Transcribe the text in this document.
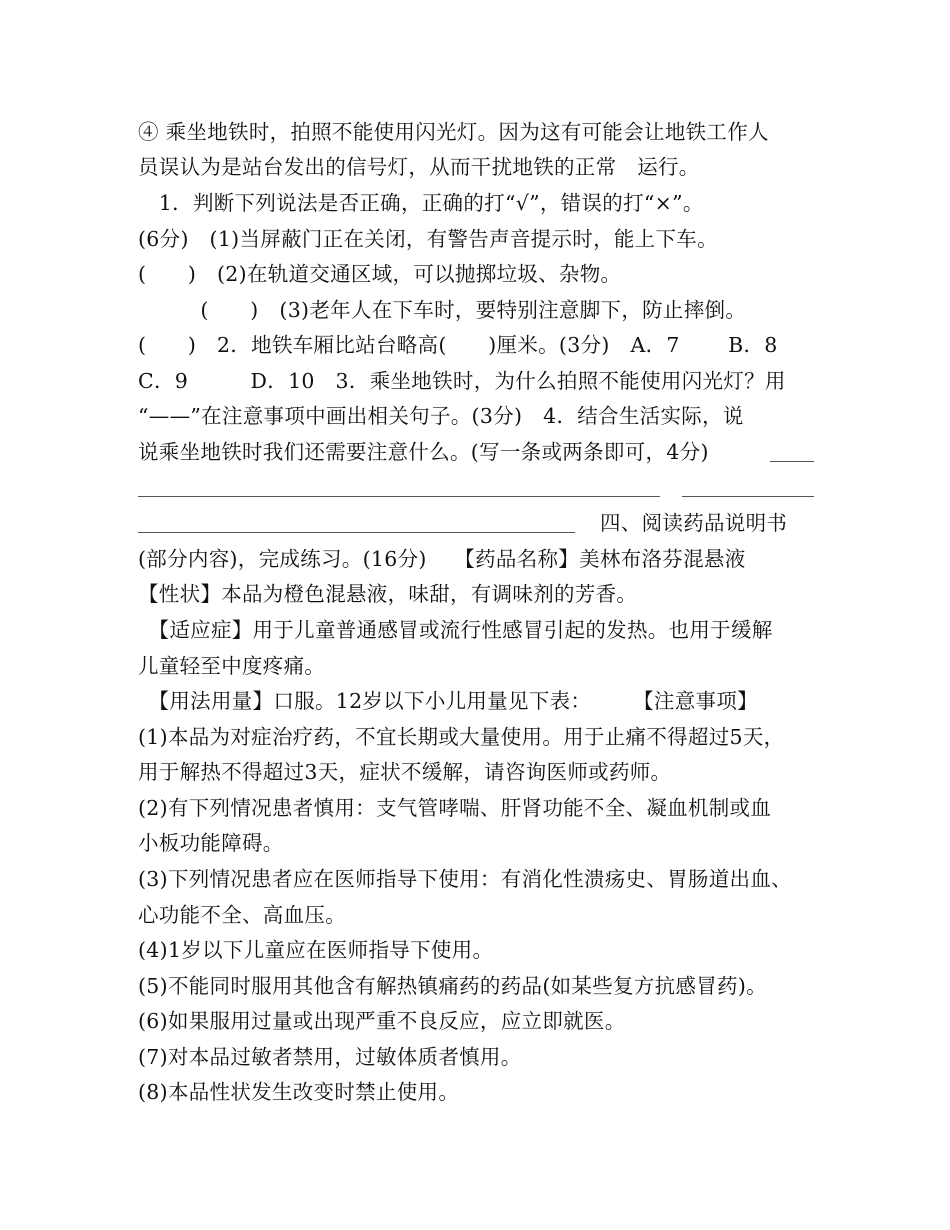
④ 乘坐地铁时，拍照不能使用闪光灯。因为这有可能会让地铁工作人
员误认为是站台发出的信号灯，从而干扰地铁的正常　运行。
　1．判断下列说法是否正确，正确的打“√”，错误的打“×”。
(6分)　(1)当屏蔽门正在关闭，有警告声音提示时，能上下车。
(　　)　(2)在轨道交通区域，可以抛掷垃圾、杂物。
　　　(　　)　(3)老年人在下车时，要特别注意脚下，防止摔倒。
(　　)　2．地铁车厢比站台略高(　　)厘米。(3分)　A．7　　 B．8
C．9　　　D．10　3．乘坐地铁时，为什么拍照不能使用闪光灯？用
“——”在注意事项中画出相关句子。(3分)　4．结合生活实际，说
说乘坐地铁时我们还需要注意什么。(写一条或两条即可，4分)
四、阅读药品说明书
(部分内容)，完成练习。(16分)　 【药品名称】美林布洛芬混悬液
【性状】本品为橙色混悬液，味甜，有调味剂的芳香。
　【适应症】用于儿童普通感冒或流行性感冒引起的发热。也用于缓解
儿童轻至中度疼痛。
　【用法用量】口服。12岁以下小儿用量见下表：　　　【注意事项】
(1)本品为对症治疗药，不宜长期或大量使用。用于止痛不得超过5天，
用于解热不得超过3天，症状不缓解，请咨询医师或药师。
(2)有下列情况患者慎用：支气管哮喘、肝肾功能不全、凝血机制或血
小板功能障碍。
(3)下列情况患者应在医师指导下使用：有消化性溃疡史、胃肠道出血、
心功能不全、高血压。
(4)1岁以下儿童应在医师指导下使用。
(5)不能同时服用其他含有解热镇痛药的药品(如某些复方抗感冒药)。
(6)如果服用过量或出现严重不良反应，应立即就医。
(7)对本品过敏者禁用，过敏体质者慎用。
(8)本品性状发生改变时禁止使用。
